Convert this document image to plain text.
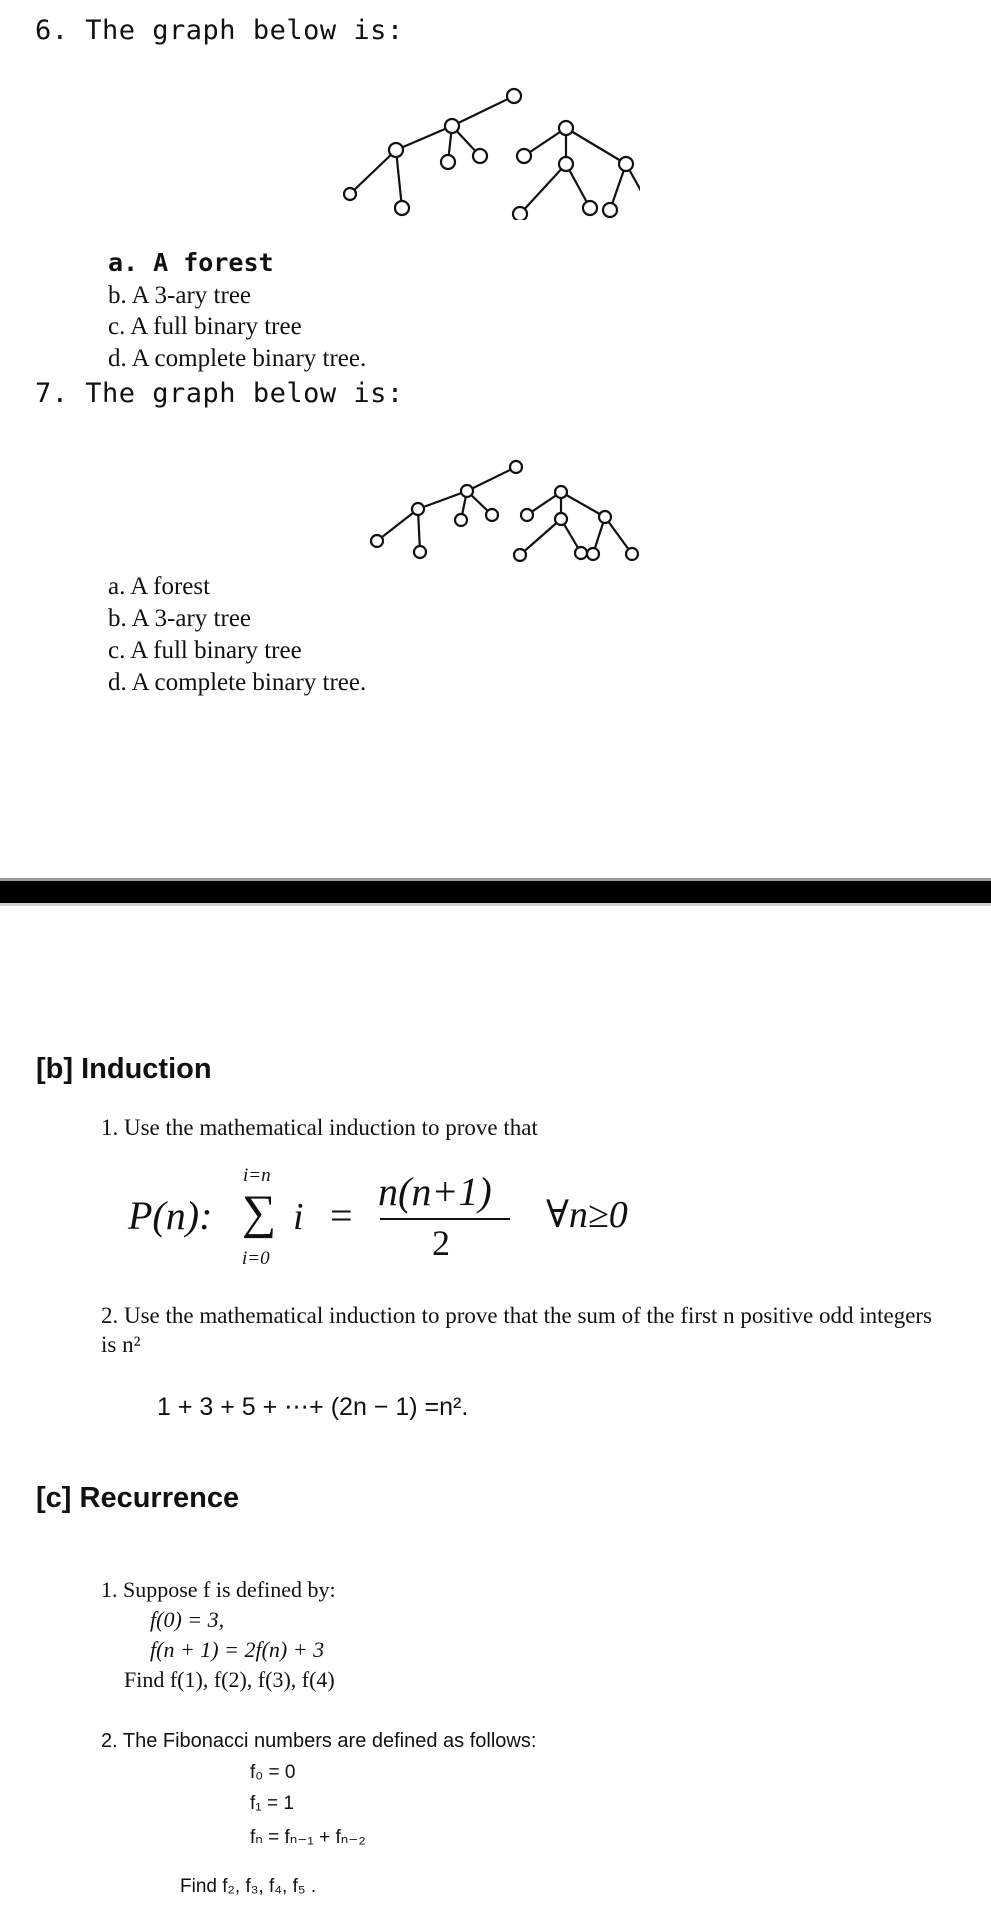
6. The graph below is:
a. A forest
b. A 3-ary tree
c. A full binary tree
d. A complete binary tree.
7. The graph below is:
a. A forest
b. A 3-ary tree
c. A full binary tree
d. A complete binary tree.
[b] Induction
1. Use the mathematical induction to prove that
P(n):
i=n
∑ i =
n(n+1)
2
∀n≥0
i=0
2. Use the mathematical induction to prove that the sum of the first n positive odd integers
is n²
1 + 3 + 5 + ⋯+ (2n − 1) =n².
[c] Recurrence
1. Suppose f is defined by:
f(0) = 3,
f(n + 1) = 2f(n) + 3
Find f(1), f(2), f(3), f(4)
2. The Fibonacci numbers are defined as follows:
f₀ = 0
f₁ = 1
fₙ = fₙ₋₁ + fₙ₋₂
Find f₂, f₃, f₄, f₅ .
